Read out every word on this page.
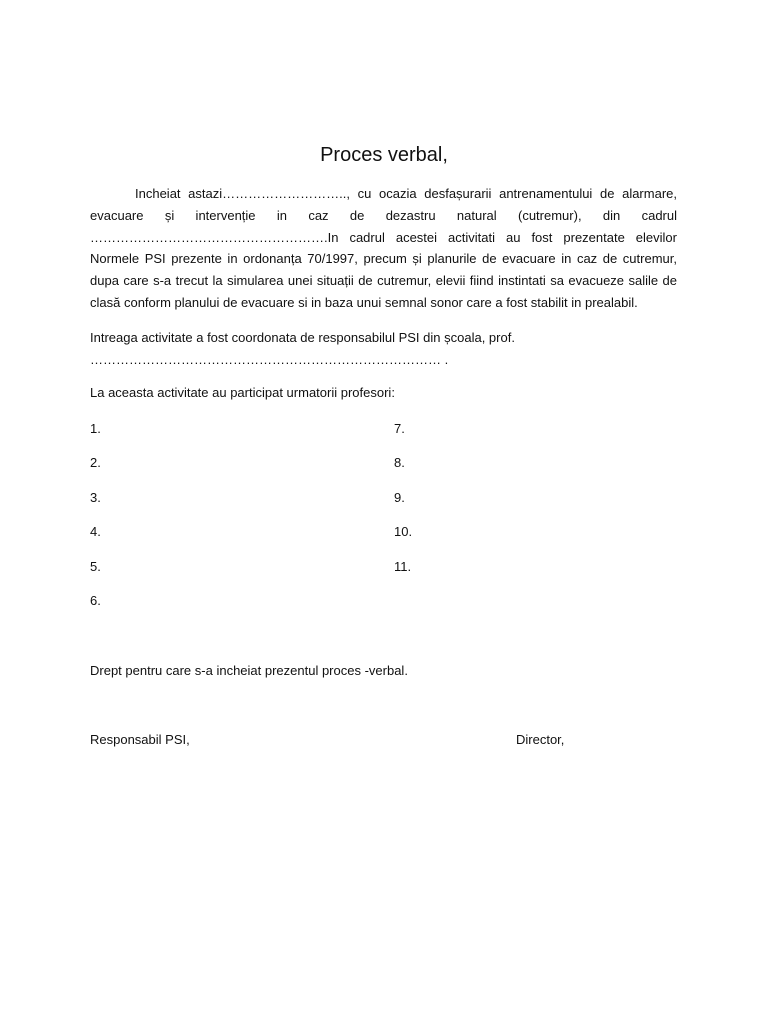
Proces verbal,

Incheiat astazi……………………….., cu ocazia desfașurarii antrenamentului de alarmare, evacuare și intervenție in caz de dezastru natural (cutremur), din cadrul ……………………………………………….In cadrul acestei activitati au fost prezentate elevilor Normele PSI prezente in ordonanța 70/1997, precum și planurile de evacuare in caz de cutremur, dupa care s-a trecut la simularea unei situații de cutremur, elevii fiind instintati sa evacueze salile de clasă conform planului de evacuare si in baza unui semnal sonor care a fost stabilit in prealabil.

Intreaga activitate a fost coordonata de responsabilul PSI din școala, prof. ……………………………………………………………………… .

La aceasta activitate au participat urmatorii profesori:

1.

2.

3.

4.

5.

6.

7.

8.

9.

10.

11.

Drept pentru care s-a incheiat prezentul proces -verbal.

Responsabil PSI,	Director,
